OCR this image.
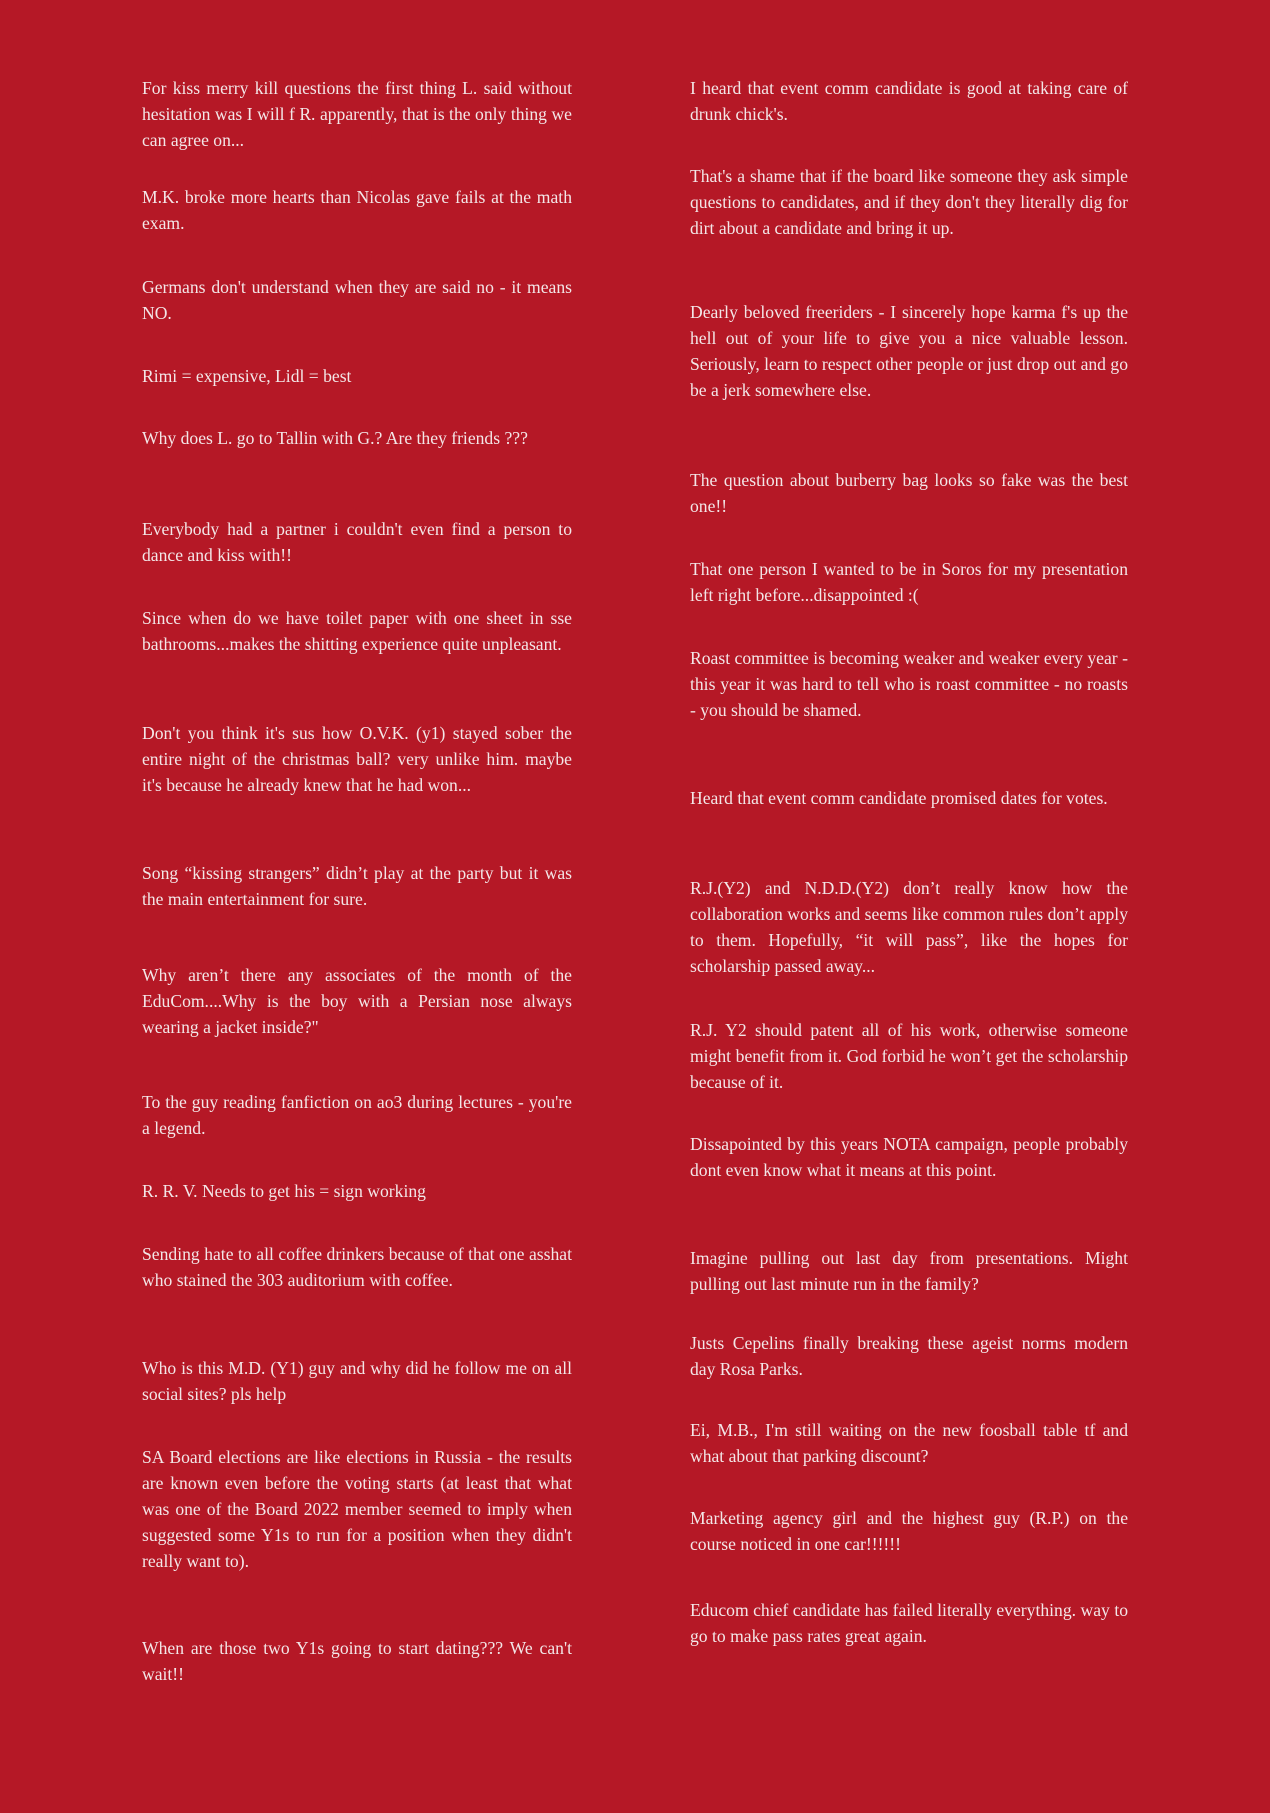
For kiss merry kill questions the first thing L. said without hesitation was I will f R. apparently, that is the only thing we can agree on...

M.K. broke more hearts than Nicolas gave fails at the math exam.

Germans don't understand when they are said no - it means NO.

Rimi = expensive, Lidl = best

Why does L. go to Tallin with G.? Are they friends ???

Everybody had a partner i couldn't even find a person to dance and kiss with!!

Since when do we have toilet paper with one sheet in sse bathrooms...makes the shitting experience quite unpleasant.

Don't you think it's sus how O.V.K. (y1) stayed sober the entire night of the christmas ball? very unlike him. maybe it's because he already knew that he had won...

Song “kissing strangers” didn’t play at the party but it was the main entertainment for sure.

Why aren’t there any associates of the month of the EduCom....Why is the boy with a Persian nose always wearing a jacket inside?"

To the guy reading fanfiction on ao3 during lectures - you're a legend.

R. R. V. Needs to get his = sign working

Sending hate to all coffee drinkers because of that one asshat who stained the 303 auditorium with coffee.

Who is this M.D. (Y1) guy and why did he follow me on all social sites? pls help

SA Board elections are like elections in Russia - the results are known even before the voting starts (at least that what was one of the Board 2022 member seemed to imply when suggested some Y1s to run for a position when they didn't really want to).

When are those two Y1s going to start dating??? We can't wait!!

I heard that event comm candidate is good at taking care of drunk chick's.

That's a shame that if the board like someone they ask simple questions to candidates, and if they don't they literally dig for dirt about a candidate and bring it up.

Dearly beloved freeriders - I sincerely hope karma f's up the hell out of your life to give you a nice valuable lesson. Seriously, learn to respect other people or just drop out and go be a jerk somewhere else.

The question about burberry bag looks so fake was the best one!!

That one person I wanted to be in Soros for my presentation left right before...disappointed :(

Roast committee is becoming weaker and weaker every year - this year it was hard to tell who is roast committee - no roasts - you should be shamed.

Heard that event comm candidate promised dates for votes.

R.J.(Y2) and N.D.D.(Y2) don’t really know how the collaboration works and seems like common rules don’t apply to them. Hopefully, “it will pass”, like the hopes for scholarship passed away...

R.J. Y2 should patent all of his work, otherwise someone might benefit from it. God forbid he won’t get the scholarship because of it.

Dissapointed by this years NOTA campaign, people probably dont even know what it means at this point.

Imagine pulling out last day from presentations. Might pulling out last minute run in the family?

Justs Cepelins finally breaking these ageist norms modern day Rosa Parks.

Ei, M.B., I'm still waiting on the new foosball table tf and what about that parking discount?

Marketing agency girl and the highest guy (R.P.) on the course noticed in one car!!!!!!

Educom chief candidate has failed literally everything. way to go to make pass rates great again.
